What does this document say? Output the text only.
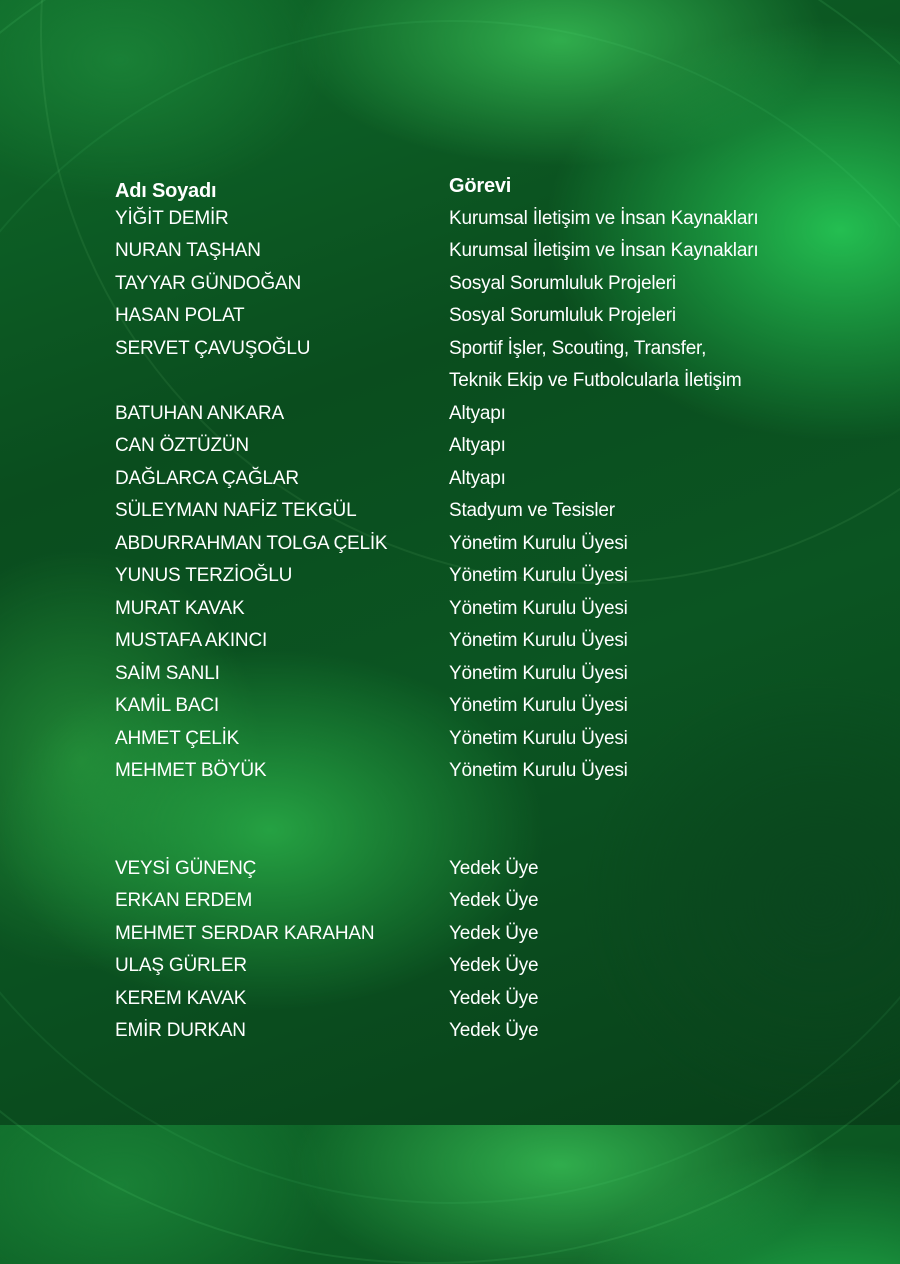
Adı Soyadı	Görevi
YİĞİT DEMİR	Kurumsal İletişim ve İnsan Kaynakları
NURAN TAŞHAN	Kurumsal İletişim ve İnsan Kaynakları
TAYYAR GÜNDOĞAN	Sosyal Sorumluluk Projeleri
HASAN POLAT	Sosyal Sorumluluk Projeleri
SERVET ÇAVUŞOĞLU	Sportif İşler, Scouting, Transfer,
Teknik Ekip ve Futbolcularla İletişim
BATUHAN ANKARA	Altyapı
CAN ÖZTÜZÜN	Altyapı
DAĞLARCA ÇAĞLAR	Altyapı
SÜLEYMAN NAFİZ TEKGÜL	Stadyum ve Tesisler
ABDURRAHMAN TOLGA ÇELİK	Yönetim Kurulu Üyesi
YUNUS TERZİOĞLU	Yönetim Kurulu Üyesi
MURAT KAVAK	Yönetim Kurulu Üyesi
MUSTAFA AKINCI	Yönetim Kurulu Üyesi
SAİM SANLI	Yönetim Kurulu Üyesi
KAMİL BACI	Yönetim Kurulu Üyesi
AHMET ÇELİK	Yönetim Kurulu Üyesi
MEHMET BÖYÜK	Yönetim Kurulu Üyesi
VEYSİ GÜNENÇ	Yedek Üye
ERKAN ERDEM	Yedek Üye
MEHMET SERDAR KARAHAN	Yedek Üye
ULAŞ GÜRLER	Yedek Üye
KEREM KAVAK	Yedek Üye
EMİR DURKAN	Yedek Üye
